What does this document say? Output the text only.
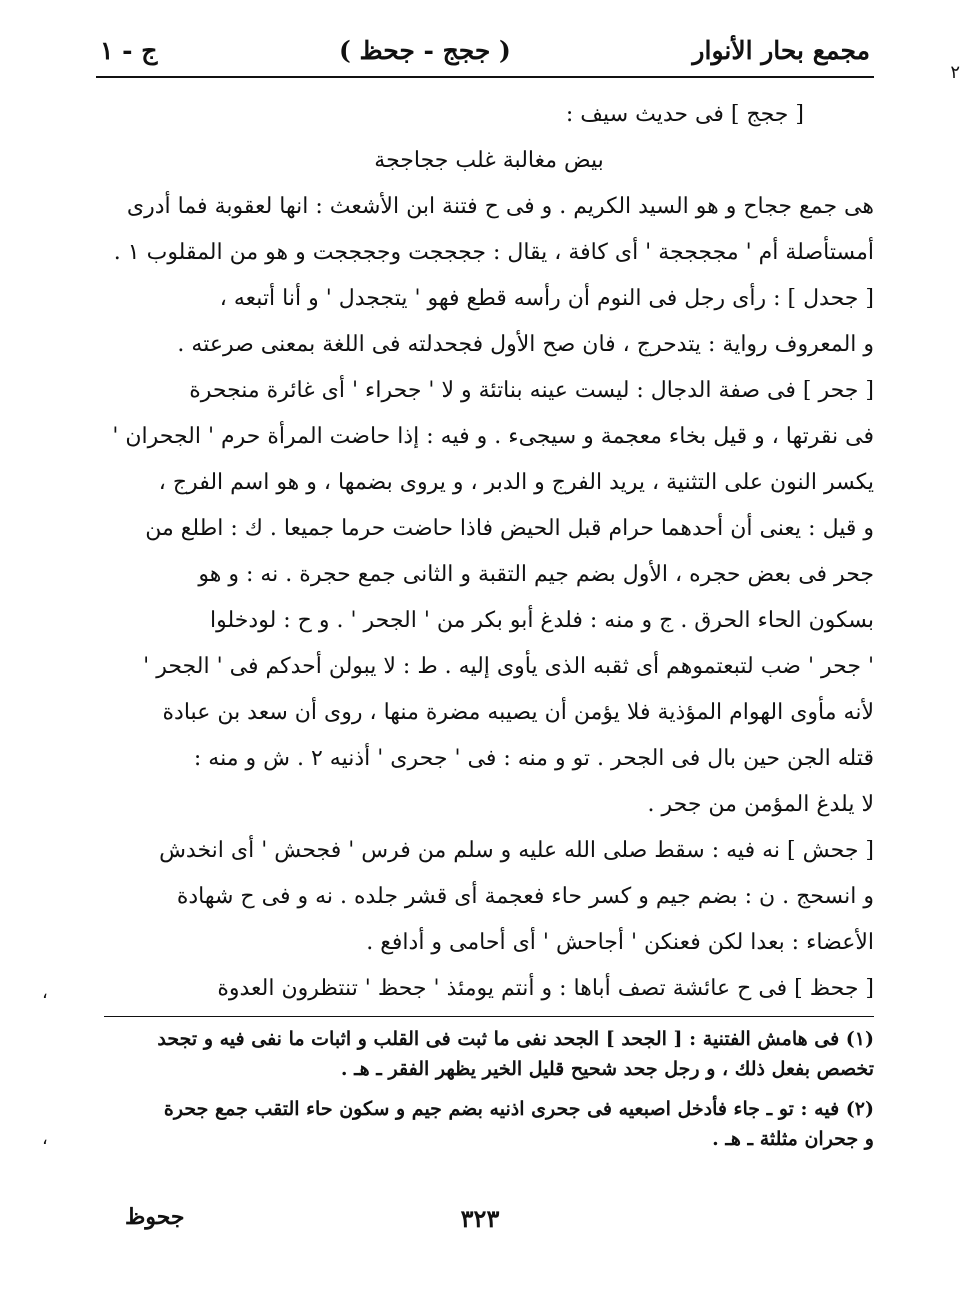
مجمع بحار الأنوار
( ججج - جحظ )
ج - ١
٢
،
،
[ ججج ] فى حديث سيف :
بيض مغالبة غلب ججاججة
هى جمع ججاح و هو السيد الكريم . و فى ح فتنة ابن الأشعث : انها لعقوبة فما أدرى
أمستأصلة أم ' مججججة ' أى كافة ، يقال : ججججت وججججت و هو من المقلوب ١ .
[ جحدل ] : رأى رجل فى النوم أن رأسه قطع فهو ' يتججدل ' و أنا أتبعه ،
و المعروف رواية : يتدحرج ، فان صح الأول فجحدلته فى اللغة بمعنى صرعته .
[ جحر ] فى صفة الدجال : ليست عينه بناتئة و لا ' جحراء ' أى غائرة منجحرة
فى نقرتها ، و قيل بخاء معجمة و سيجىء . و فيه : إذا حاضت المرأة حرم ' الجحران '
يكسر النون على التثنية ، يريد الفرج و الدبر ، و يروى بضمها ، و هو اسم الفرج ،
و قيل : يعنى أن أحدهما حرام قبل الحيض فاذا حاضت حرما جميعا . ك : اطلع من
جحر فى بعض حجره ، الأول بضم جيم التقبة و الثانى جمع حجرة . نه : و هو
بسكون الحاء الحرق . ج و منه : فلدغ أبو بكر من ' الجحر ' . و ح : لودخلوا
' جحر ' ضب لتبعتموهم أى ثقبه الذى يأوى إليه . ط : لا يبولن أحدكم فى ' الجحر '
لأنه مأوى الهوام المؤذية فلا يؤمن أن يصيبه مضرة منها ، روى أن سعد بن عبادة
قتله الجن حين بال فى الجحر . تو و منه : فى ' جحرى ' أذنيه ٢ . ش و منه :
لا يلدغ المؤمن من جحر .
[ جحش ] نه فيه : سقط صلى الله عليه و سلم من فرس ' فجحش ' أى انخدش
و انسحج . ن : بضم جيم و كسر حاء فعجمة أى قشر جلده . نه و فى ح شهادة
الأعضاء : بعدا لكن فعنكن ' أجاحش ' أى أحامى و أدافع .
[ جحظ ] فى ح عائشة تصف أباها : و أنتم يومئذ ' جحظ ' تنتظرون العدوة
(١) فى هامش الفتنية : [ الجحد ] الجحد نفى ما ثبت فى القلب و اثبات ما نفى فيه و تجحد
تخصص بفعل ذلك ، و رجل جحد شحيح قليل الخير يظهر الفقر ـ هـ .
(٢) فيه : تو ـ جاء فأدخل اصبعيه فى جحرى اذنيه بضم جيم و سكون حاء التقب جمع جحرة
و جحران مثلثة ـ هـ .
٣٢٣
جحوظ
